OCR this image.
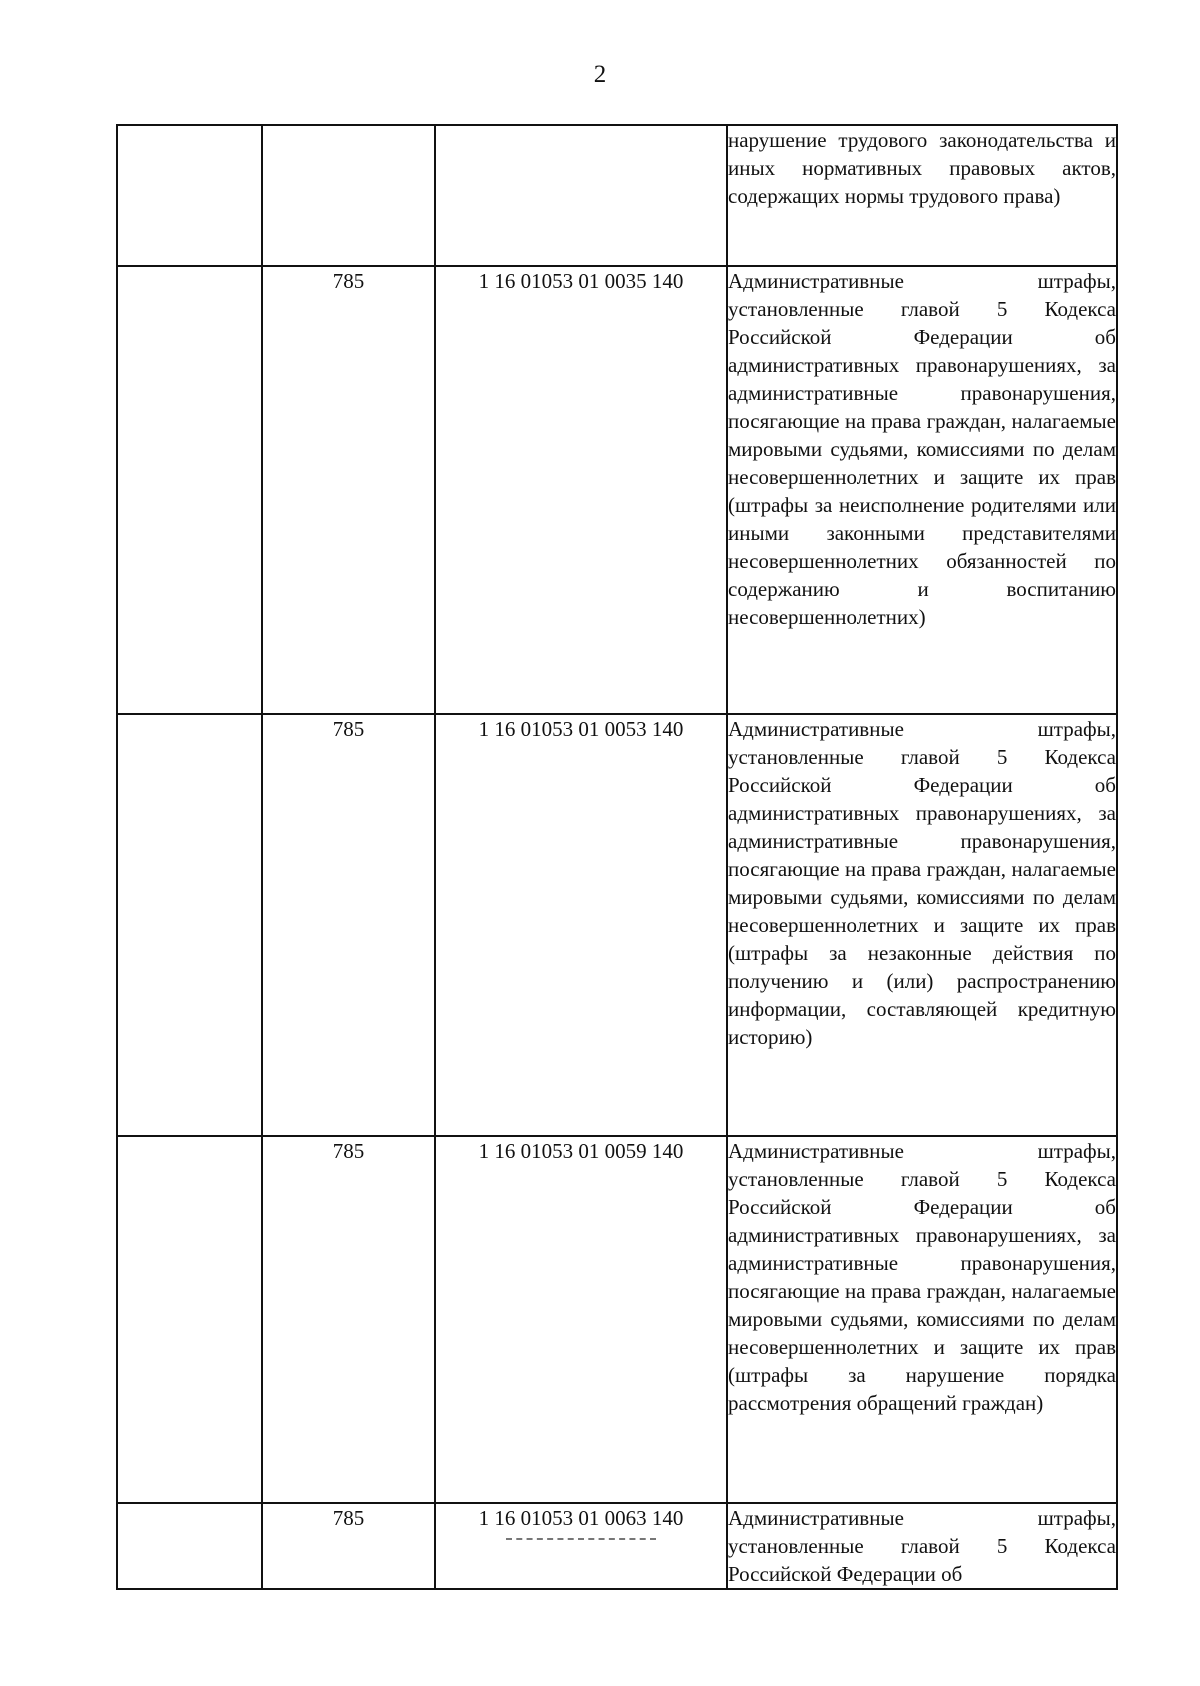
2
			нарушение трудового законодательства и иных нормативных правовых актов, содержащих нормы трудового права)
	785	1 16 01053 01 0035 140	Административные штрафы, установленные главой 5 Кодекса Российской Федерации об административных правонарушениях, за административные правонарушения, посягающие на права граждан, налагаемые мировыми судьями, комиссиями по делам несовершеннолетних и защите их прав (штрафы за неисполнение родителями или иными законными представителями несовершеннолетних обязанностей по содержанию и воспитанию несовершеннолетних)
	785	1 16 01053 01 0053 140	Административные штрафы, установленные главой 5 Кодекса Российской Федерации об административных правонарушениях, за административные правонарушения, посягающие на права граждан, налагаемые мировыми судьями, комиссиями по делам несовершеннолетних и защите их прав (штрафы за незаконные действия по получению и (или) распространению информации, составляющей кредитную историю)
	785	1 16 01053 01 0059 140	Административные штрафы, установленные главой 5 Кодекса Российской Федерации об административных правонарушениях, за административные правонарушения, посягающие на права граждан, налагаемые мировыми судьями, комиссиями по делам несовершеннолетних и защите их прав (штрафы за нарушение порядка рассмотрения обращений граждан)
	785	1 16 01053 01 0063 140	Административные штрафы, установленные главой 5 Кодекса Российской Федерации об
